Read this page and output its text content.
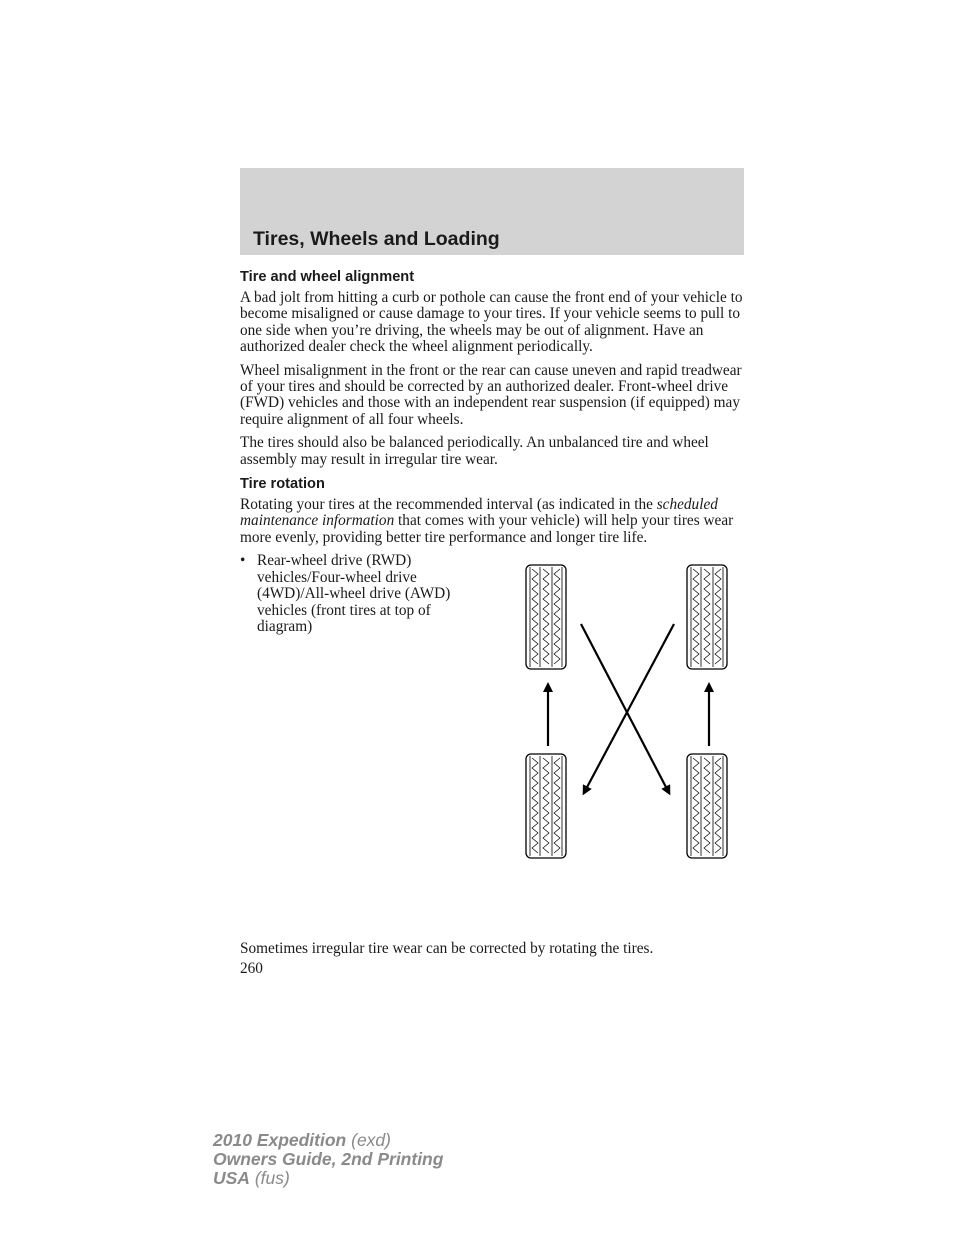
Tires, Wheels and Loading
Tire and wheel alignment

A bad jolt from hitting a curb or pothole can cause the front end of your vehicle to become misaligned or cause damage to your tires. If your vehicle seems to pull to one side when you’re driving, the wheels may be out of alignment. Have an authorized dealer check the wheel alignment periodically.

Wheel misalignment in the front or the rear can cause uneven and rapid treadwear of your tires and should be corrected by an authorized dealer. Front-wheel drive (FWD) vehicles and those with an independent rear suspension (if equipped) may require alignment of all four wheels.

The tires should also be balanced periodically. An unbalanced tire and wheel assembly may result in irregular tire wear.

Tire rotation

Rotating your tires at the recommended interval (as indicated in the scheduled maintenance information that comes with your vehicle) will help your tires wear more evenly, providing better tire performance and longer tire life.

• Rear-wheel drive (RWD) vehicles/Four-wheel drive (4WD)/All-wheel drive (AWD) vehicles (front tires at top of diagram)
Sometimes irregular tire wear can be corrected by rotating the tires.
260
2010 Expedition (exd)
Owners Guide, 2nd Printing
USA (fus)
